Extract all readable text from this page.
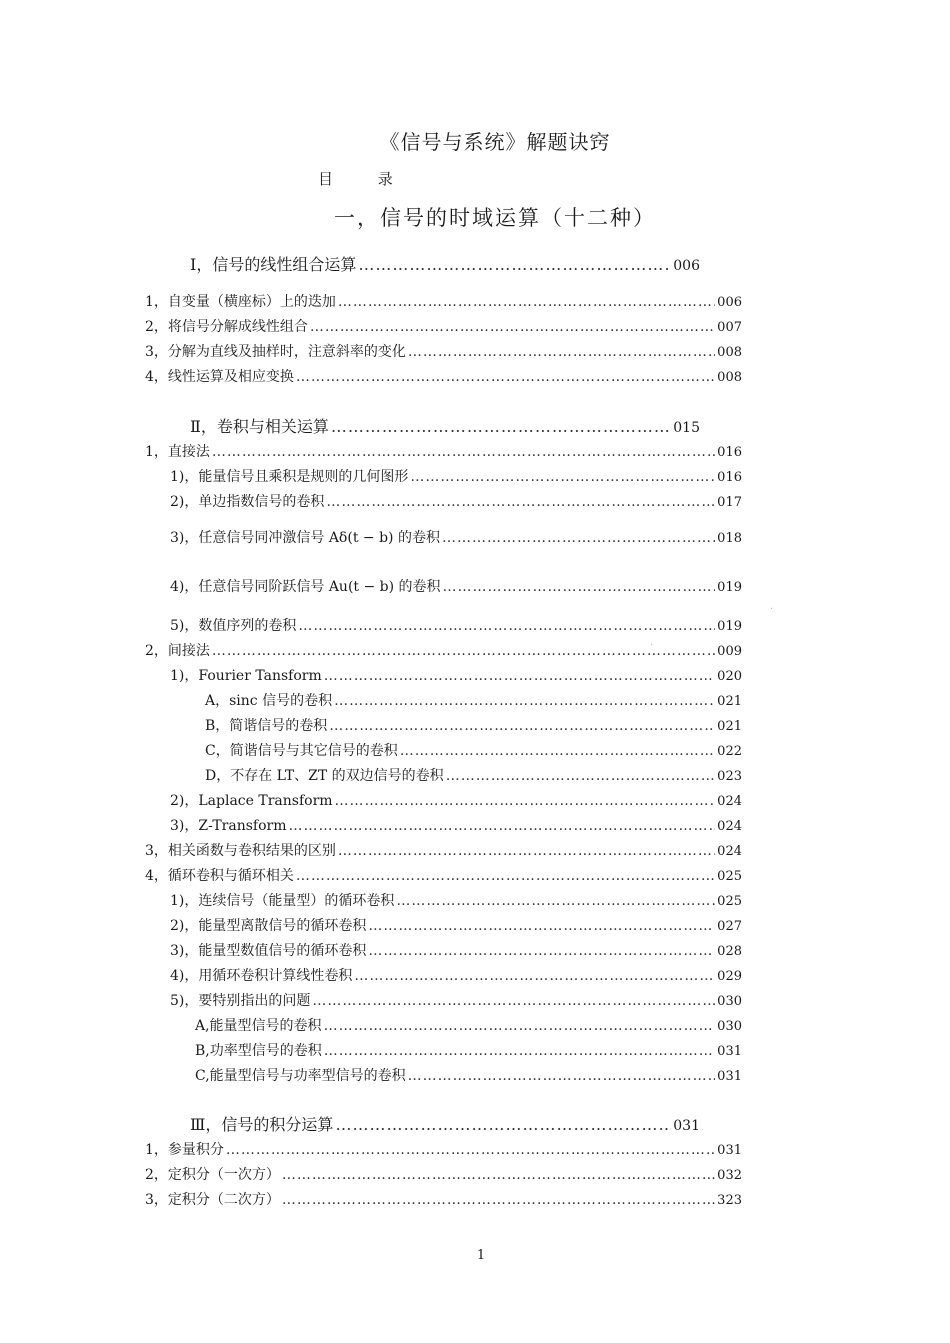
《信号与系统》解题诀窍
目 录
一，信号的时域运算（十二种）
Ⅰ，信号的线性组合运算 ……………………………………………………………………………………………………………………………………………………………………………………………………………………	006
1，自变量（横座标）上的迭加 ……………………………………………………………………………………………………………………………………………………………………………………………………………………	006
2，将信号分解成线性组合 ……………………………………………………………………………………………………………………………………………………………………………………………………………………	007
3，分解为直线及抽样时，注意斜率的变化 ……………………………………………………………………………………………………………………………………………………………………………………………………………………	008
4，线性运算及相应变换 ……………………………………………………………………………………………………………………………………………………………………………………………………………………	008
Ⅱ，卷积与相关运算 ……………………………………………………………………………………………………………………………………………………………………………………………………………………	015
1，直接法 ……………………………………………………………………………………………………………………………………………………………………………………………………………………	016
1)，能量信号且乘积是规则的几何图形 ……………………………………………………………………………………………………………………………………………………………………………………………………………………	016
2)，单边指数信号的卷积 ……………………………………………………………………………………………………………………………………………………………………………………………………………………	017
3)，任意信号同冲激信号 Aδ(t − b) 的卷积 ……………………………………………………………………………………………………………………………………………………………………………………………………………………	018
4)，任意信号同阶跃信号 Au(t − b) 的卷积 ……………………………………………………………………………………………………………………………………………………………………………………………………………………	019
5)，数值序列的卷积 ……………………………………………………………………………………………………………………………………………………………………………………………………………………	019
2，间接法 ……………………………………………………………………………………………………………………………………………………………………………………………………………………	009
1)，Fourier Tansform ……………………………………………………………………………………………………………………………………………………………………………………………………………………	020
A，sinc 信号的卷积 ……………………………………………………………………………………………………………………………………………………………………………………………………………………	021
B，简谐信号的卷积 ……………………………………………………………………………………………………………………………………………………………………………………………………………………	021
C，简谐信号与其它信号的卷积 ……………………………………………………………………………………………………………………………………………………………………………………………………………………	022
D，不存在 LT、ZT 的双边信号的卷积 ……………………………………………………………………………………………………………………………………………………………………………………………………………………	023
2)，Laplace Transform ……………………………………………………………………………………………………………………………………………………………………………………………………………………	024
3)，Z-Transform ……………………………………………………………………………………………………………………………………………………………………………………………………………………	024
3，相关函数与卷积结果的区别 ……………………………………………………………………………………………………………………………………………………………………………………………………………………	024
4，循环卷积与循环相关 ……………………………………………………………………………………………………………………………………………………………………………………………………………………	025
1)，连续信号（能量型）的循环卷积 ……………………………………………………………………………………………………………………………………………………………………………………………………………………	025
2)，能量型离散信号的循环卷积 ……………………………………………………………………………………………………………………………………………………………………………………………………………………	027
3)，能量型数值信号的循环卷积 ……………………………………………………………………………………………………………………………………………………………………………………………………………………	028
4)，用循环卷积计算线性卷积 ……………………………………………………………………………………………………………………………………………………………………………………………………………………	029
5)，要特别指出的问题 ……………………………………………………………………………………………………………………………………………………………………………………………………………………	030
A,能量型信号的卷积 ……………………………………………………………………………………………………………………………………………………………………………………………………………………	030
B,功率型信号的卷积 ……………………………………………………………………………………………………………………………………………………………………………………………………………………	031
C,能量型信号与功率型信号的卷积 ……………………………………………………………………………………………………………………………………………………………………………………………………………………	031
Ⅲ，信号的积分运算 ……………………………………………………………………………………………………………………………………………………………………………………………………………………	031
1，参量积分 ……………………………………………………………………………………………………………………………………………………………………………………………………………………	031
2，定积分（一次方） ……………………………………………………………………………………………………………………………………………………………………………………………………………………	032
3，定积分（二次方） ……………………………………………………………………………………………………………………………………………………………………………………………………………………	323
1
·
·
